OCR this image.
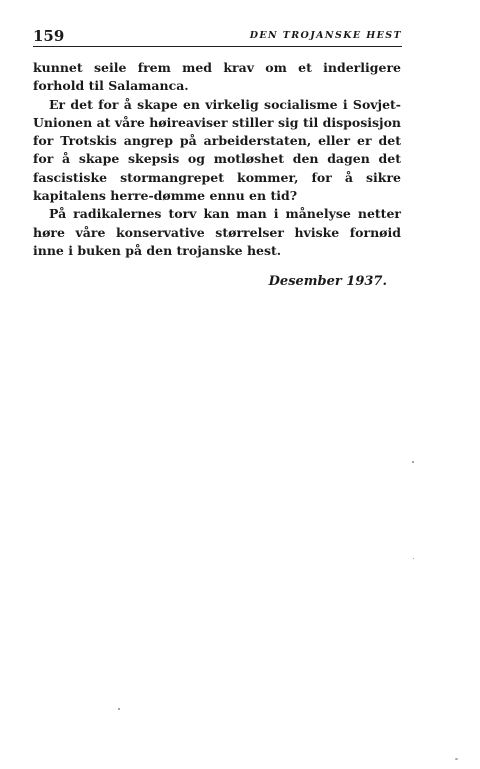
159	DEN TROJANSKE HEST

kunnet seile frem med krav om et inderligere forhold til Salamanca.

Er det for å skape en virkelig socialisme i Sovjet-Unionen at våre høireaviser stiller sig til disposisjon for Trotskis angrep på arbeiderstaten, eller er det for å skape skepsis og motløshet den dagen det fascistiske stormangrepet kommer, for å sikre kapitalens herre-dømme ennu en tid?

På radikalernes torv kan man i månelyse netter høre våre konservative størrelser hviske fornøid inne i buken på den trojanske hest.

Desember 1937.
